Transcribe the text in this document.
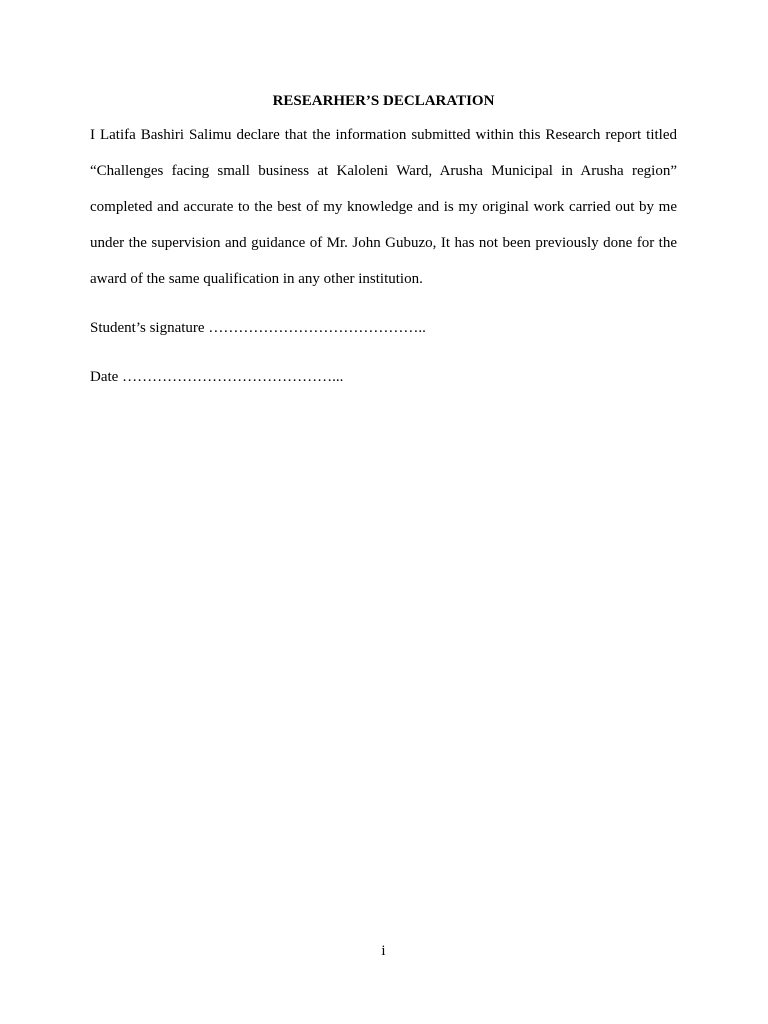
RESEARHER’S DECLARATION
I Latifa Bashiri Salimu declare that the information submitted within this Research report titled
“Challenges facing small business at Kaloleni Ward, Arusha Municipal in Arusha region”
completed and accurate to the best of my knowledge and is my original work carried out by me
under the supervision and guidance of Mr. John Gubuzo, It has not been previously done for the
award of the same qualification in any other institution.
Student’s signature ……………………………………..
Date ……………………………………...
i
